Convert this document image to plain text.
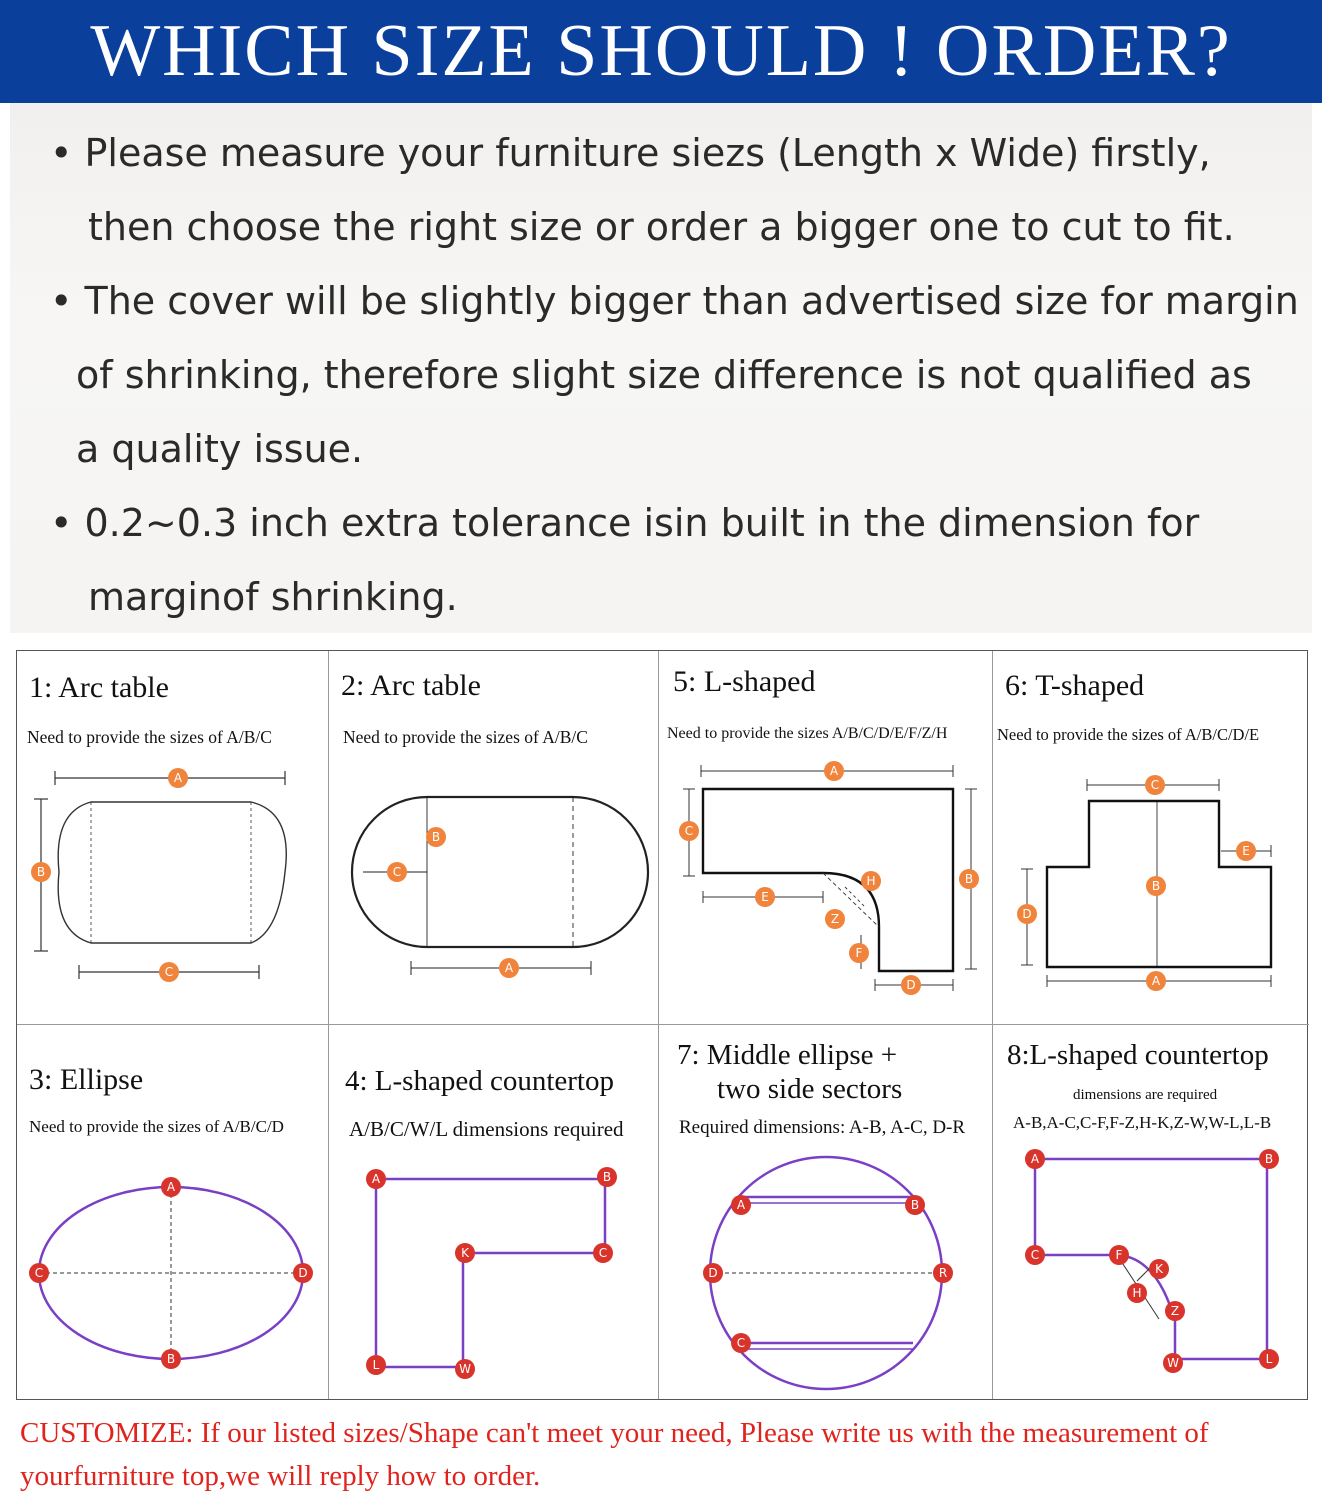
WHICH SIZE SHOULD ! ORDER?
• Please measure your furniture siezs (Length x Wide) firstly,
then choose the right size or order a bigger one to cut to fit.
• The cover will be slightly bigger than advertised size for margin
of shrinking, therefore slight size difference is not qualified as
a quality issue.
• 0.2~0.3 inch extra tolerance isin built in the dimension for
marginof shrinking.
1: Arc table
Need to provide the sizes of A/B/C
A
B
C
2: Arc table
Need to provide the sizes of A/B/C
B
C
A
5: L-shaped
Need to provide the sizes A/B/C/D/E/F/Z/H
A
C
B
E
H
Z
F
D
6: T-shaped
Need to provide the sizes of A/B/C/D/E
C
E
B
D
A
3: Ellipse
Need to provide the sizes of A/B/C/D
A
C	D
B
4: L-shaped countertop
A/B/C/W/L dimensions required
A	B
K	C
L	W
7: Middle ellipse +
two side sectors
Required dimensions: A-B, A-C, D-R
A	B
D	R
C
8:L-shaped countertop
dimensions are required
A-B,A-C,C-F,F-Z,H-K,Z-W,W-L,L-B
A	B
C	F
K
H
Z
W	L
CUSTOMIZE: If our listed sizes/Shape can't meet your need, Please write us with the measurement of yourfurniture top,we will reply how to order.
